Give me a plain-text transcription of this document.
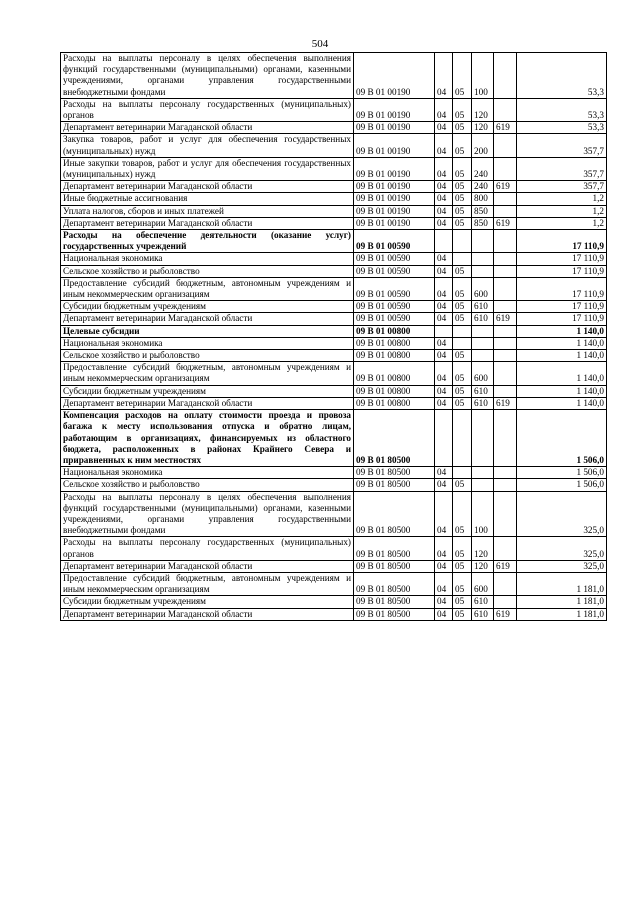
504
Расходы на выплаты персоналу в целях обеспечения выполнения функций государственными (муниципальными) органами, казенными учреждениями, органами управления государственными внебюджетными фондами	09 В 01 00190	04	05	100		53,3
Расходы на выплаты персоналу государственных (муниципальных) органов	09 В 01 00190	04	05	120		53,3
Департамент ветеринарии Магаданской области	09 В 01 00190	04	05	120	619	53,3
Закупка товаров, работ и услуг для обеспечения государственных (муниципальных) нужд	09 В 01 00190	04	05	200		357,7
Иные закупки товаров, работ и услуг для обеспечения государственных (муниципальных) нужд	09 В 01 00190	04	05	240		357,7
Департамент ветеринарии Магаданской области	09 В 01 00190	04	05	240	619	357,7
Иные бюджетные ассигнования	09 В 01 00190	04	05	800		1,2
Уплата налогов, сборов и иных платежей	09 В 01 00190	04	05	850		1,2
Департамент ветеринарии Магаданской области	09 В 01 00190	04	05	850	619	1,2
Расходы на обеспечение деятельности (оказание услуг) государственных учреждений	09 В 01 00590					17 110,9
Национальная экономика	09 В 01 00590	04				17 110,9
Сельское хозяйство и рыболовство	09 В 01 00590	04	05			17 110,9
Предоставление субсидий бюджетным, автономным учреждениям и иным некоммерческим организациям	09 В 01 00590	04	05	600		17 110,9
Субсидии бюджетным учреждениям	09 В 01 00590	04	05	610		17 110,9
Департамент ветеринарии Магаданской области	09 В 01 00590	04	05	610	619	17 110,9
Целевые субсидии	09 В 01 00800					1 140,0
Национальная экономика	09 В 01 00800	04				1 140,0
Сельское хозяйство и рыболовство	09 В 01 00800	04	05			1 140,0
Предоставление субсидий бюджетным, автономным учреждениям и иным некоммерческим организациям	09 В 01 00800	04	05	600		1 140,0
Субсидии бюджетным учреждениям	09 В 01 00800	04	05	610		1 140,0
Департамент ветеринарии Магаданской области	09 В 01 00800	04	05	610	619	1 140,0
Компенсация расходов на оплату стоимости проезда и провоза багажа к месту использования отпуска и обратно лицам, работающим в организациях, финансируемых из областного бюджета, расположенных в районах Крайнего Севера и приравненных к ним местностях	09 В 01 80500					1 506,0
Национальная экономика	09 В 01 80500	04				1 506,0
Сельское хозяйство и рыболовство	09 В 01 80500	04	05			1 506,0
Расходы на выплаты персоналу в целях обеспечения выполнения функций государственными (муниципальными) органами, казенными учреждениями, органами управления государственными внебюджетными фондами	09 В 01 80500	04	05	100		325,0
Расходы на выплаты персоналу государственных (муниципальных) органов	09 В 01 80500	04	05	120		325,0
Департамент ветеринарии Магаданской области	09 В 01 80500	04	05	120	619	325,0
Предоставление субсидий бюджетным, автономным учреждениям и иным некоммерческим организациям	09 В 01 80500	04	05	600		1 181,0
Субсидии бюджетным учреждениям	09 В 01 80500	04	05	610		1 181,0
Департамент ветеринарии Магаданской области	09 В 01 80500	04	05	610	619	1 181,0
